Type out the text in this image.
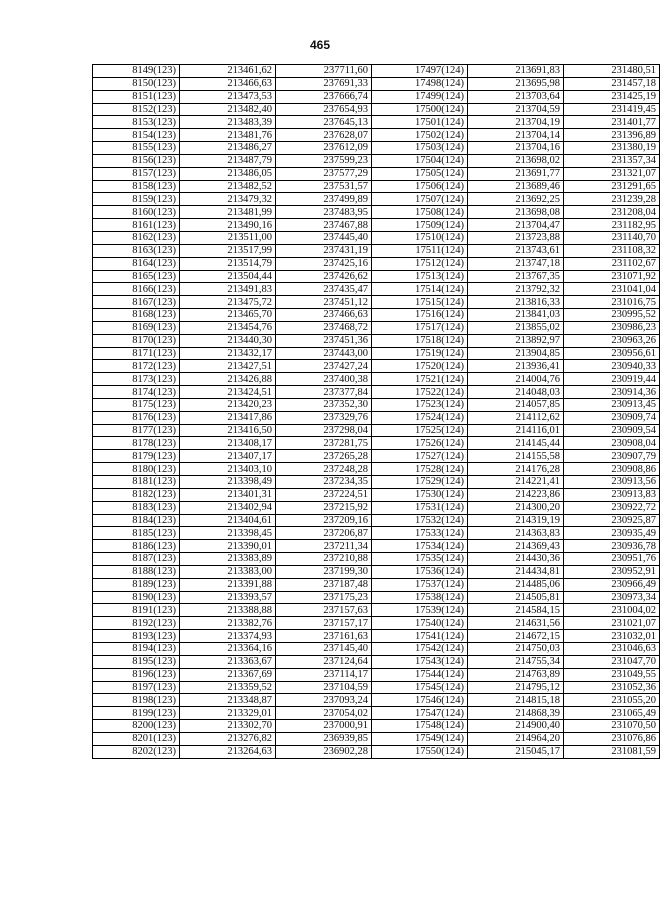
465
8149(123)	213461,62	237711,60	17497(124)	213691,83	231480,51
8150(123)	213466,63	237691,33	17498(124)	213695,98	231457,18
8151(123)	213473,53	237666,74	17499(124)	213703,64	231425,19
8152(123)	213482,40	237654,93	17500(124)	213704,59	231419,45
8153(123)	213483,39	237645,13	17501(124)	213704,19	231401,77
8154(123)	213481,76	237628,07	17502(124)	213704,14	231396,89
8155(123)	213486,27	237612,09	17503(124)	213704,16	231380,19
8156(123)	213487,79	237599,23	17504(124)	213698,02	231357,34
8157(123)	213486,05	237577,29	17505(124)	213691,77	231321,07
8158(123)	213482,52	237531,57	17506(124)	213689,46	231291,65
8159(123)	213479,32	237499,89	17507(124)	213692,25	231239,28
8160(123)	213481,99	237483,95	17508(124)	213698,08	231208,04
8161(123)	213490,16	237467,88	17509(124)	213704,47	231182,95
8162(123)	213511,00	237445,40	17510(124)	213723,88	231140,70
8163(123)	213517,99	237431,19	17511(124)	213743,61	231108,32
8164(123)	213514,79	237425,16	17512(124)	213747,18	231102,67
8165(123)	213504,44	237426,62	17513(124)	213767,35	231071,92
8166(123)	213491,83	237435,47	17514(124)	213792,32	231041,04
8167(123)	213475,72	237451,12	17515(124)	213816,33	231016,75
8168(123)	213465,70	237466,63	17516(124)	213841,03	230995,52
8169(123)	213454,76	237468,72	17517(124)	213855,02	230986,23
8170(123)	213440,30	237451,36	17518(124)	213892,97	230963,26
8171(123)	213432,17	237443,00	17519(124)	213904,85	230956,61
8172(123)	213427,51	237427,24	17520(124)	213936,41	230940,33
8173(123)	213426,88	237400,38	17521(124)	214004,76	230919,44
8174(123)	213424,51	237377,84	17522(124)	214048,03	230914,36
8175(123)	213420,23	237352,30	17523(124)	214057,85	230913,45
8176(123)	213417,86	237329,76	17524(124)	214112,62	230909,74
8177(123)	213416,50	237298,04	17525(124)	214116,01	230909,54
8178(123)	213408,17	237281,75	17526(124)	214145,44	230908,04
8179(123)	213407,17	237265,28	17527(124)	214155,58	230907,79
8180(123)	213403,10	237248,28	17528(124)	214176,28	230908,86
8181(123)	213398,49	237234,35	17529(124)	214221,41	230913,56
8182(123)	213401,31	237224,51	17530(124)	214223,86	230913,83
8183(123)	213402,94	237215,92	17531(124)	214300,20	230922,72
8184(123)	213404,61	237209,16	17532(124)	214319,19	230925,87
8185(123)	213398,45	237206,87	17533(124)	214363,83	230935,49
8186(123)	213390,01	237211,34	17534(124)	214369,43	230936,78
8187(123)	213383,89	237210,88	17535(124)	214430,36	230951,76
8188(123)	213383,00	237199,30	17536(124)	214434,81	230952,91
8189(123)	213391,88	237187,48	17537(124)	214485,06	230966,49
8190(123)	213393,57	237175,23	17538(124)	214505,81	230973,34
8191(123)	213388,88	237157,63	17539(124)	214584,15	231004,02
8192(123)	213382,76	237157,17	17540(124)	214631,56	231021,07
8193(123)	213374,93	237161,63	17541(124)	214672,15	231032,01
8194(123)	213364,16	237145,40	17542(124)	214750,03	231046,63
8195(123)	213363,67	237124,64	17543(124)	214755,34	231047,70
8196(123)	213367,69	237114,17	17544(124)	214763,89	231049,55
8197(123)	213359,52	237104,59	17545(124)	214795,12	231052,36
8198(123)	213348,87	237093,24	17546(124)	214815,18	231055,20
8199(123)	213329,01	237054,02	17547(124)	214868,39	231065,49
8200(123)	213302,70	237000,91	17548(124)	214900,40	231070,50
8201(123)	213276,82	236939,85	17549(124)	214964,20	231076,86
8202(123)	213264,63	236902,28	17550(124)	215045,17	231081,59
